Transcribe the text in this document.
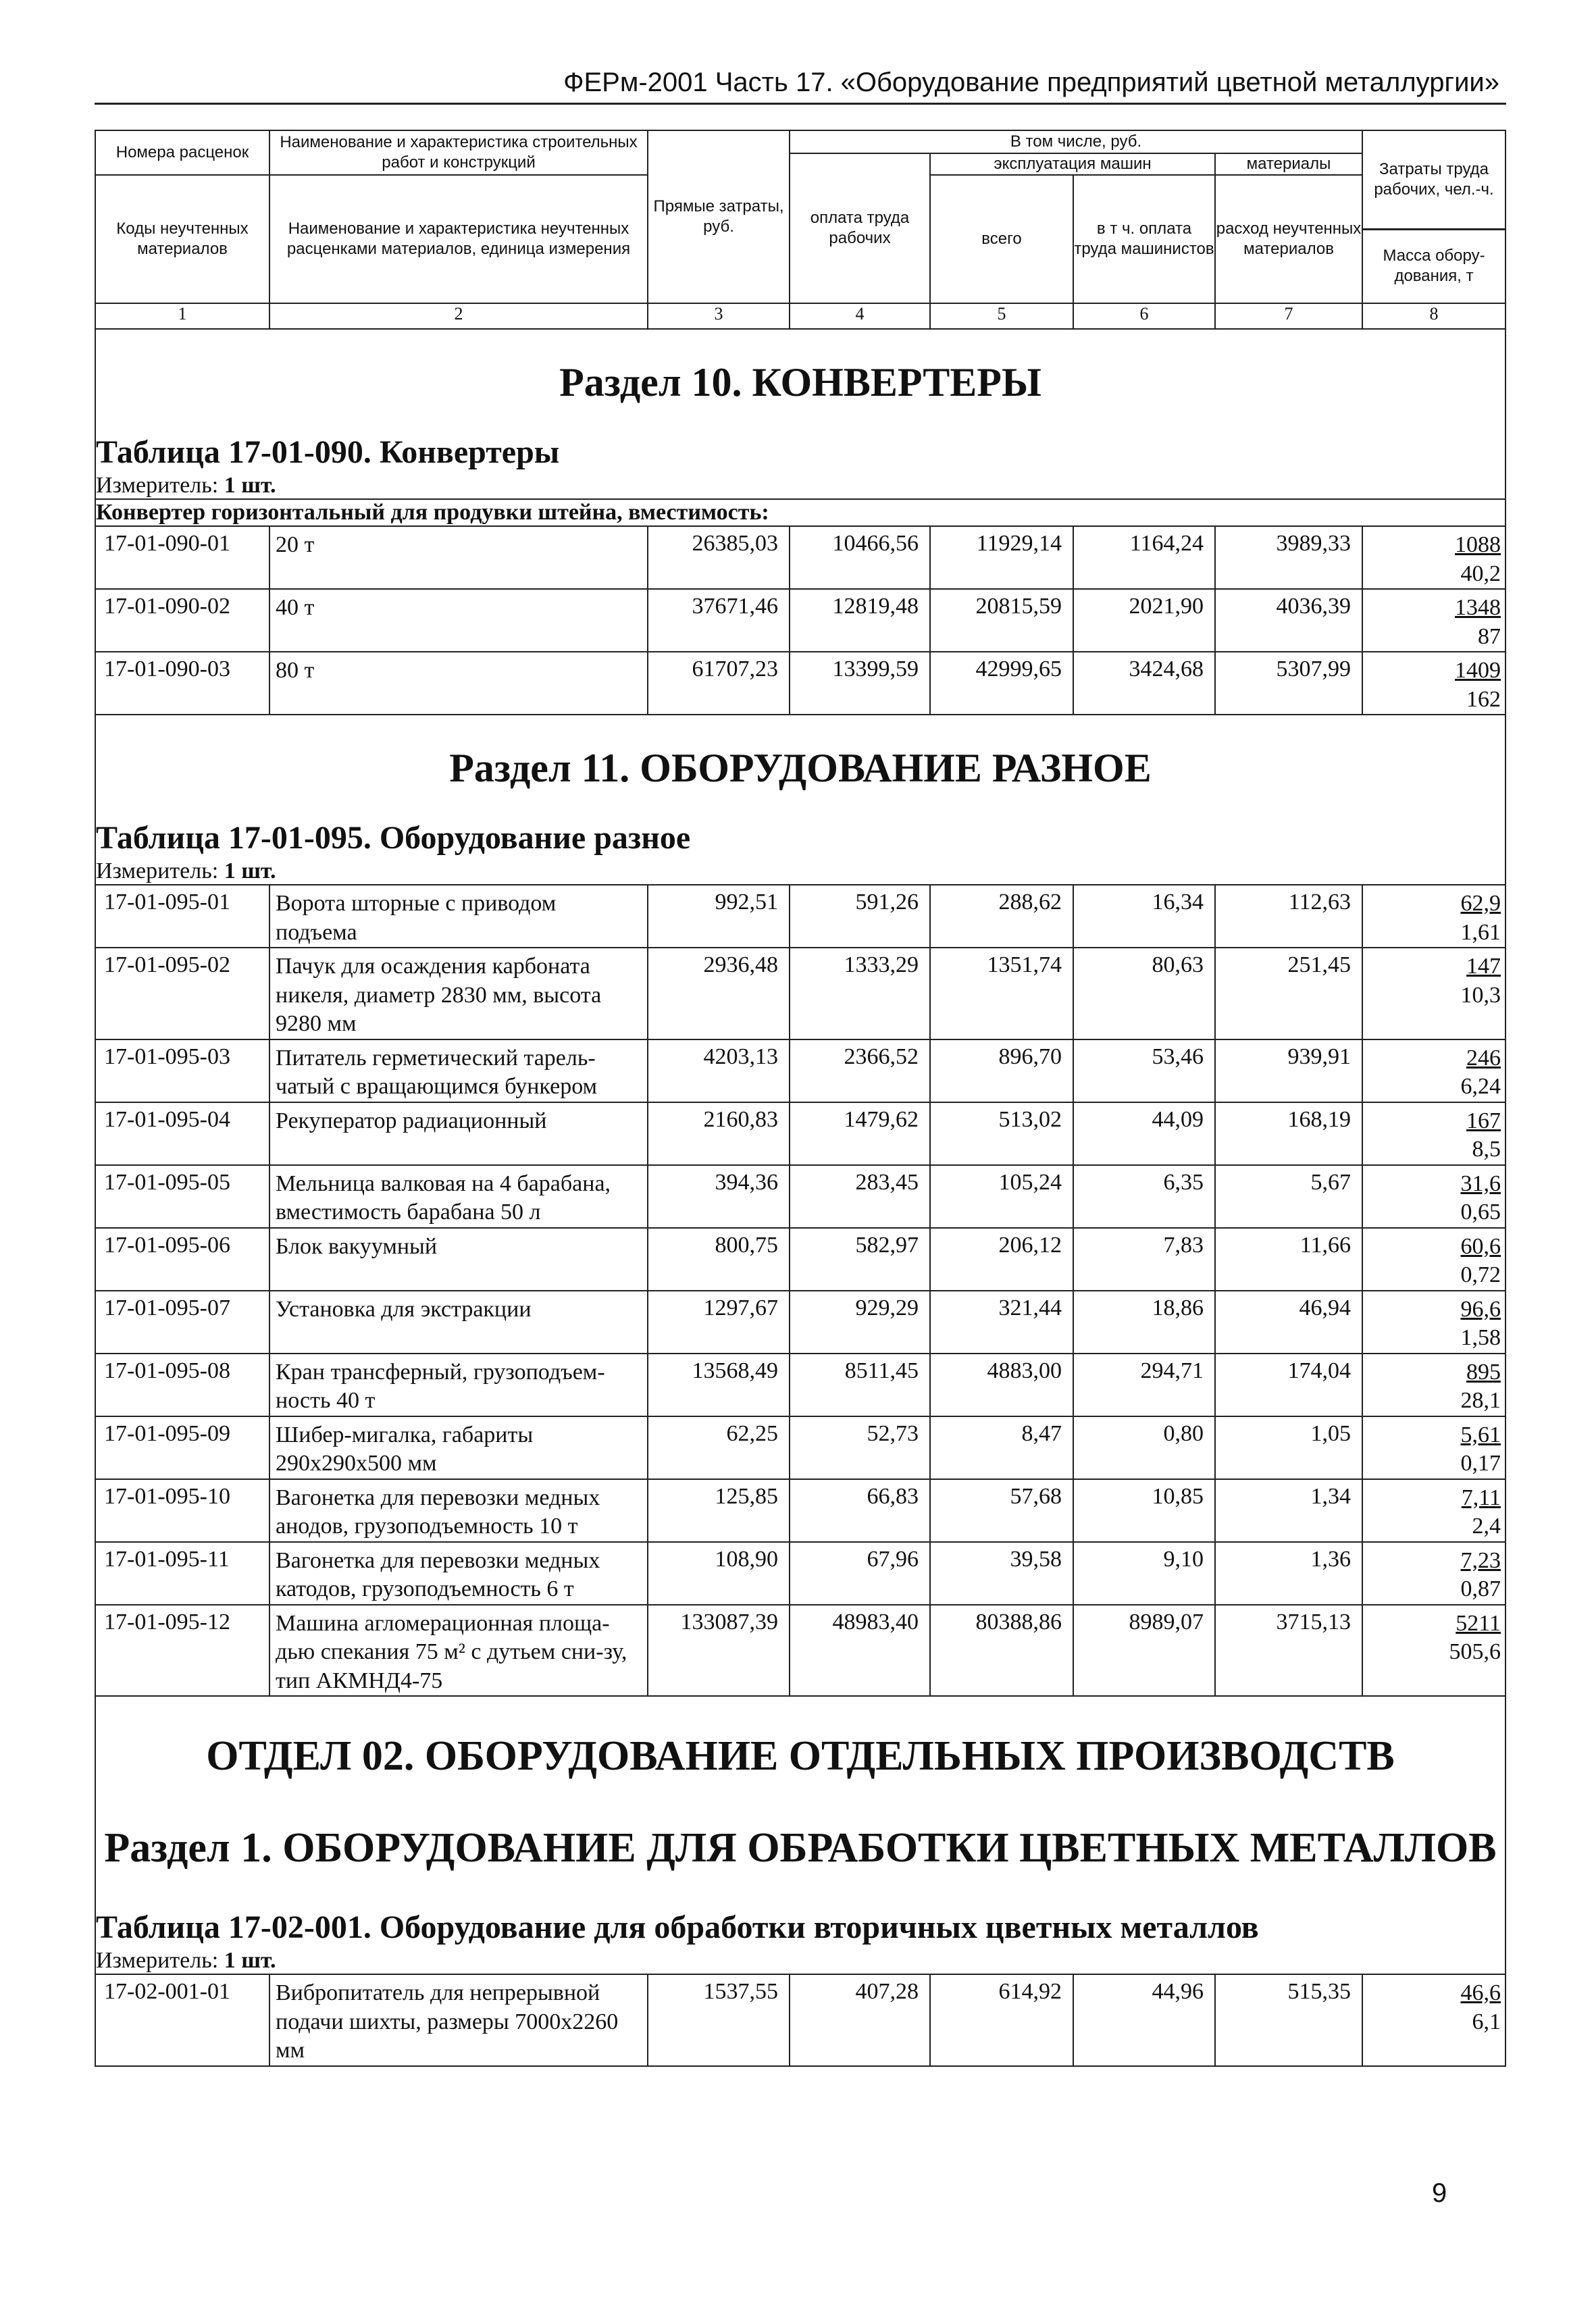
ФЕРм-2001 Часть 17. «Оборудование предприятий цветной металлургии»
Номера расценок	Наименование и характеристика строительных работ и конструкций	Прямые затраты, руб.	В том числе, руб.				Затраты труда рабочих, чел.-ч.
			оплата труда рабочих	эксплуатация машин		материалы	
Коды неучтенных материалов	Наименование и характеристика неучтенных расценками материалов, единица измерения			всего	в т ч. оплата труда машинистов	расход неучтенных материалов	
							Масса обору-дования, т
1	2	3	4	5	6	7	8
Раздел 10. КОНВЕРТЕРЫ							
Таблица 17-01-090. Конвертеры							
Измеритель: 1 шт.							
Конвертер горизонтальный для продувки штейна, вместимость:							
17-01-090-01	20 т	26385,03	10466,56	11929,14	1164,24	3989,33	1088
40,2

17-01-090-02	40 т	37671,46	12819,48	20815,59	2021,90	4036,39	1348
87

17-01-090-03	80 т	61707,23	13399,59	42999,65	3424,68	5307,99	1409
162

Раздел 11. ОБОРУДОВАНИЕ РАЗНОЕ							
Таблица 17-01-095. Оборудование разное							
Измеритель: 1 шт.							
17-01-095-01	Ворота шторные с приводом подъема	992,51	591,26	288,62	16,34	112,63	62,9
1,61

17-01-095-02	Пачук для осаждения карбоната никеля, диаметр 2830 мм, высота 9280 мм	2936,48	1333,29	1351,74	80,63	251,45	147
10,3

17-01-095-03	Питатель герметический тарель-чатый с вращающимся бункером	4203,13	2366,52	896,70	53,46	939,91	246
6,24

17-01-095-04	Рекуператор радиационный	2160,83	1479,62	513,02	44,09	168,19	167
8,5

17-01-095-05	Мельница валковая на 4 барабана, вместимость барабана 50 л	394,36	283,45	105,24	6,35	5,67	31,6
0,65

17-01-095-06	Блок вакуумный	800,75	582,97	206,12	7,83	11,66	60,6
0,72

17-01-095-07	Установка для экстракции	1297,67	929,29	321,44	18,86	46,94	96,6
1,58

17-01-095-08	Кран трансферный, грузоподъем-ность 40 т	13568,49	8511,45	4883,00	294,71	174,04	895
28,1

17-01-095-09	Шибер-мигалка, габариты 290x290x500 мм	62,25	52,73	8,47	0,80	1,05	5,61
0,17

17-01-095-10	Вагонетка для перевозки медных анодов, грузоподъемность 10 т	125,85	66,83	57,68	10,85	1,34	7,11
2,4

17-01-095-11	Вагонетка для перевозки медных катодов, грузоподъемность 6 т	108,90	67,96	39,58	9,10	1,36	7,23
0,87

17-01-095-12	Машина агломерационная площа-дью спекания 75 м² с дутьем сни-зу, тип АКМНД4-75	133087,39	48983,40	80388,86	8989,07	3715,13	5211
505,6

ОТДЕЛ 02. ОБОРУДОВАНИЕ ОТДЕЛЬНЫХ ПРОИЗВОДСТВ							
Раздел 1. ОБОРУДОВАНИЕ ДЛЯ ОБРАБОТКИ ЦВЕТНЫХ МЕТАЛЛОВ							
Таблица 17-02-001. Оборудование для обработки вторичных цветных металлов							
Измеритель: 1 шт.							
17-02-001-01	Вибропитатель для непрерывной подачи шихты, размеры 7000x2260 мм	1537,55	407,28	614,92	44,96	515,35	46,6
6,1
9
